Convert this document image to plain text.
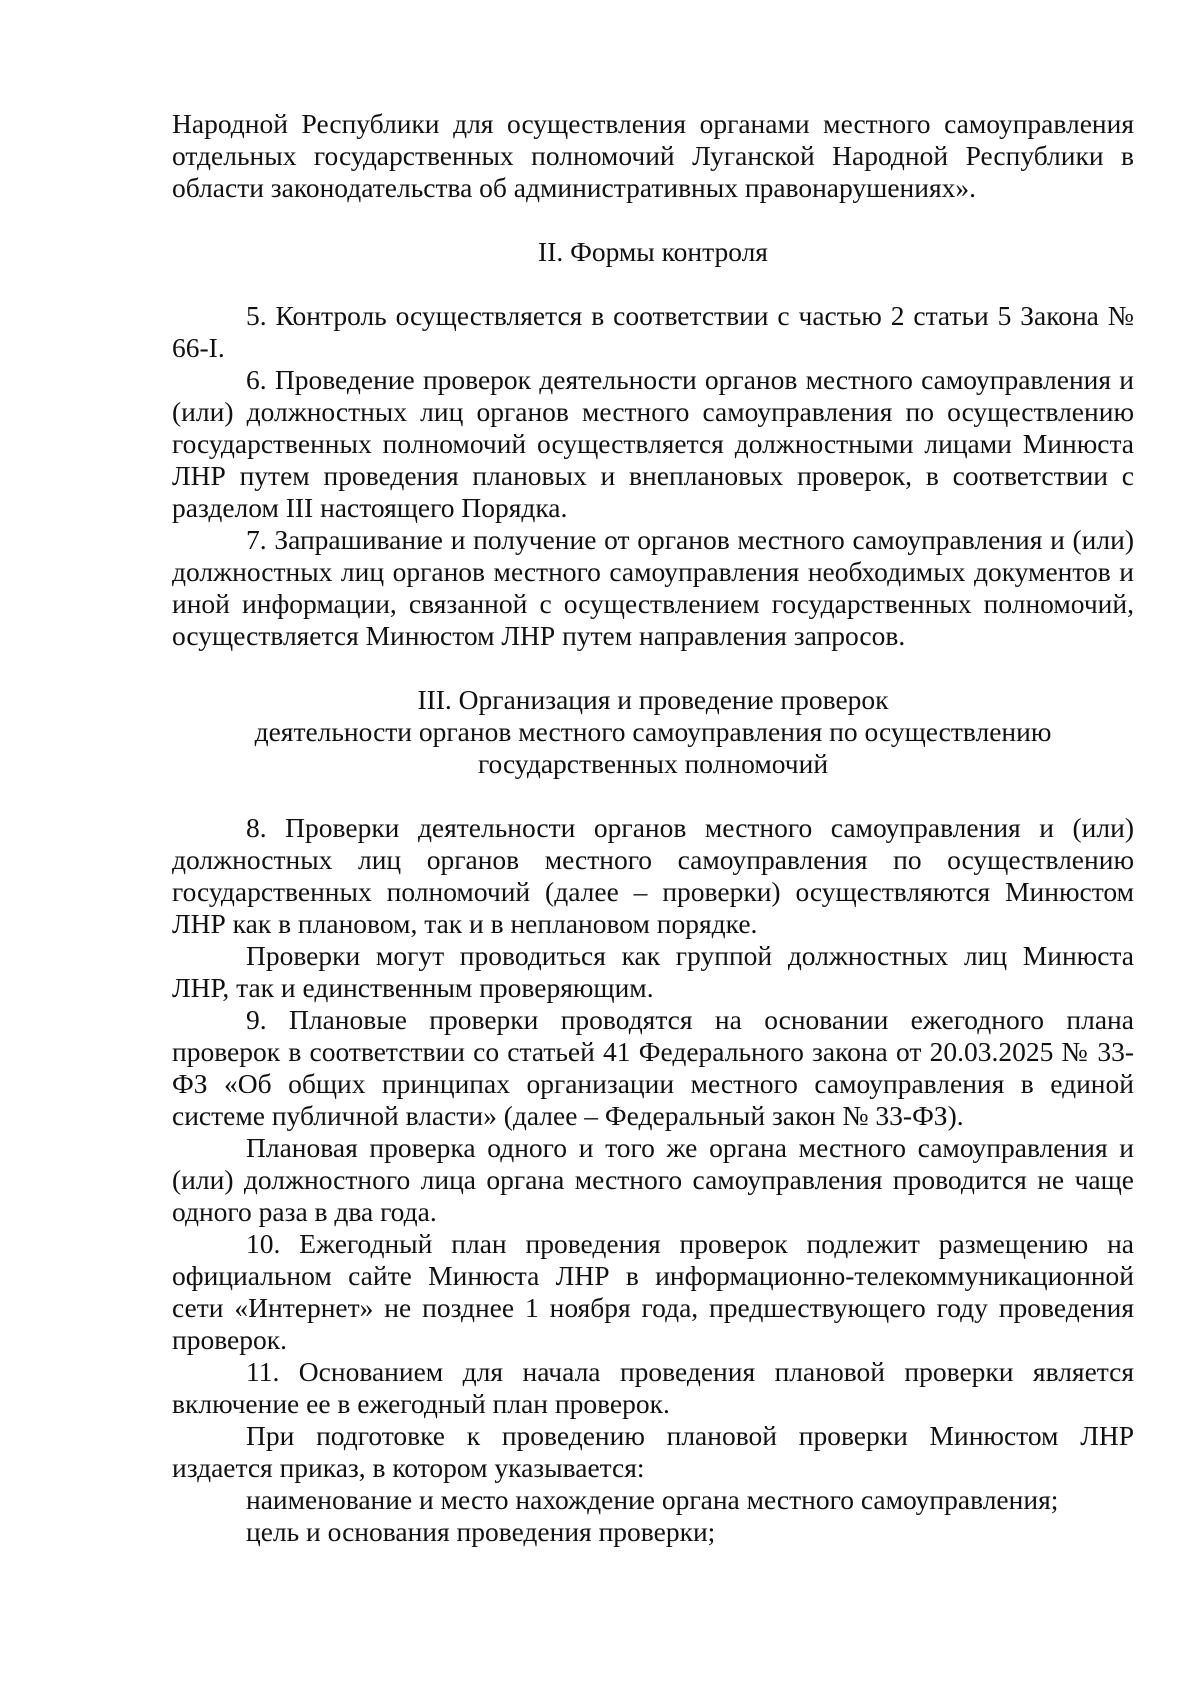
Народной Республики для осуществления органами местного самоуправления отдельных государственных полномочий Луганской Народной Республики в области законодательства об административных правонарушениях».

II. Формы контроля

5. Контроль осуществляется в соответствии с частью 2 статьи 5 Закона № 66-I.

6. Проведение проверок деятельности органов местного самоуправления и (или) должностных лиц органов местного самоуправления по осуществлению государственных полномочий осуществляется должностными лицами Минюста ЛНР путем проведения плановых и внеплановых проверок, в соответствии с разделом III настоящего Порядка.

7. Запрашивание и получение от органов местного самоуправления и (или) должностных лиц органов местного самоуправления необходимых документов и иной информации, связанной с осуществлением государственных полномочий, осуществляется Минюстом ЛНР путем направления запросов.

III. Организация и проведение проверок
деятельности органов местного самоуправления по осуществлению
государственных полномочий

8. Проверки деятельности органов местного самоуправления и (или) должностных лиц органов местного самоуправления по осуществлению государственных полномочий (далее – проверки) осуществляются Минюстом ЛНР как в плановом, так и в неплановом порядке.

Проверки могут проводиться как группой должностных лиц Минюста ЛНР, так и единственным проверяющим.

9. Плановые проверки проводятся на основании ежегодного плана проверок в соответствии со статьей 41 Федерального закона от 20.03.2025 № 33-ФЗ «Об общих принципах организации местного самоуправления в единой системе публичной власти» (далее – Федеральный закон № 33-ФЗ).

Плановая проверка одного и того же органа местного самоуправления и (или) должностного лица органа местного самоуправления проводится не чаще одного раза в два года.

10. Ежегодный план проведения проверок подлежит размещению на официальном сайте Минюста ЛНР в информационно-телекоммуникационной сети «Интернет» не позднее 1 ноября года, предшествующего году проведения проверок.

11. Основанием для начала проведения плановой проверки является включение ее в ежегодный план проверок.

При подготовке к проведению плановой проверки Минюстом ЛНР издается приказ, в котором указывается:

наименование и место нахождение органа местного самоуправления;

цель и основания проведения проверки;
